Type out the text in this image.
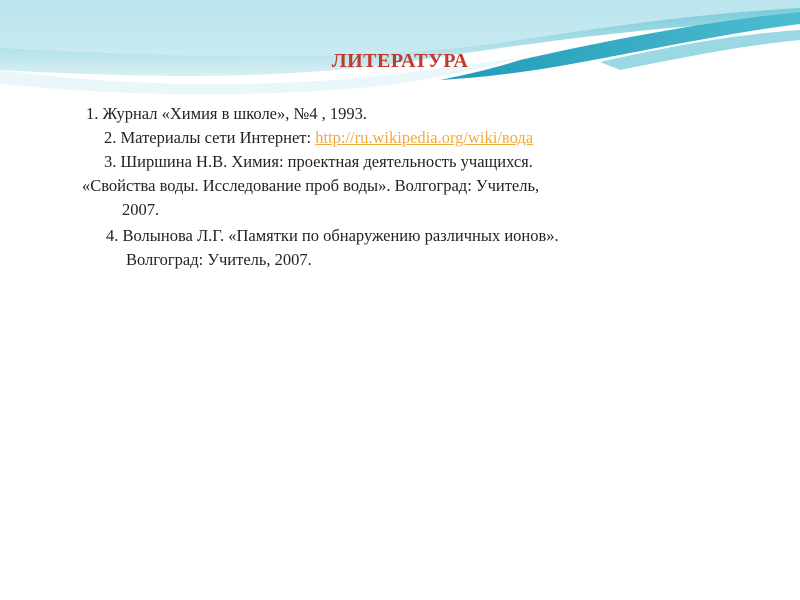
ЛИТЕРАТУРА
1. Журнал «Химия в школе», №4 , 1993.
2. Материалы сети Интернет: http://ru.wikipedia.org/wiki/вода
3. Ширшина Н.В. Химия: проектная деятельность учащихся.
«Свойства воды. Исследование проб воды». Волгоград: Учитель,
2007.
4. Волынова Л.Г. «Памятки по обнаружению различных ионов».
Волгоград: Учитель, 2007.
